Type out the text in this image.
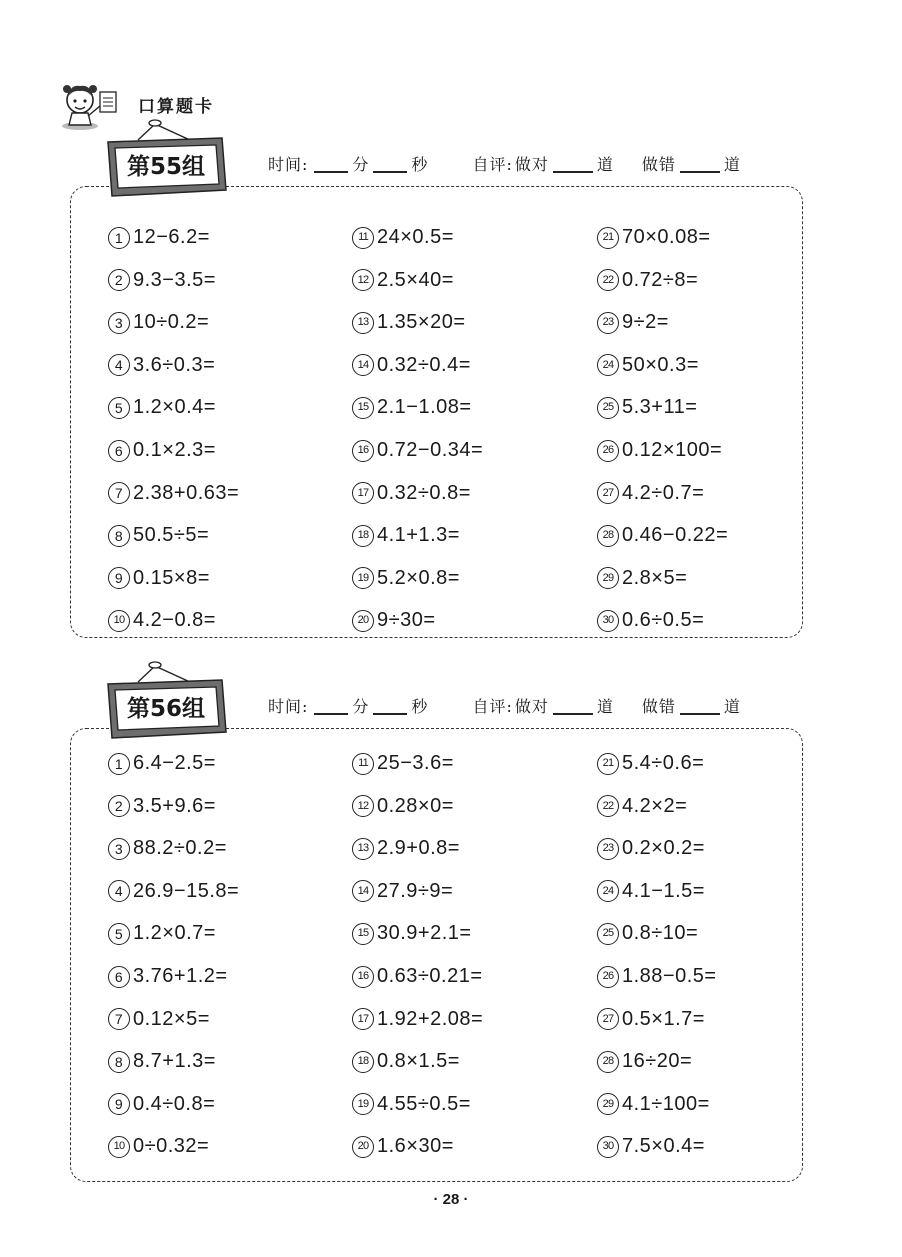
口算题卡
第55组	时间:	分	秒	自评: 做对	道 做错	道
1 12−6.2=
2 9.3−3.5=
3 10÷0.2=
4 3.6÷0.3=
5 1.2×0.4=
6 0.1×2.3=
7 2.38+0.63=
8 50.5÷5=
9 0.15×8=
10 4.2−0.8=
11 24×0.5=
12 2.5×40=
13 1.35×20=
14 0.32÷0.4=
15 2.1−1.08=
16 0.72−0.34=
17 0.32÷0.8=
18 4.1+1.3=
19 5.2×0.8=
20 9÷30=
21 70×0.08=
22 0.72÷8=
23 9÷2=
24 50×0.3=
25 5.3+11=
26 0.12×100=
27 4.2÷0.7=
28 0.46−0.22=
29 2.8×5=
30 0.6÷0.5=
第56组	时间:	分	秒	自评: 做对	道 做错	道
1 6.4−2.5=
2 3.5+9.6=
3 88.2÷0.2=
4 26.9−15.8=
5 1.2×0.7=
6 3.76+1.2=
7 0.12×5=
8 8.7+1.3=
9 0.4÷0.8=
10 0÷0.32=
11 25−3.6=
12 0.28×0=
13 2.9+0.8=
14 27.9÷9=
15 30.9+2.1=
16 0.63÷0.21=
17 1.92+2.08=
18 0.8×1.5=
19 4.55÷0.5=
20 1.6×30=
21 5.4÷0.6=
22 4.2×2=
23 0.2×0.2=
24 4.1−1.5=
25 0.8÷10=
26 1.88−0.5=
27 0.5×1.7=
28 16÷20=
29 4.1÷100=
30 7.5×0.4=
· 28 ·
